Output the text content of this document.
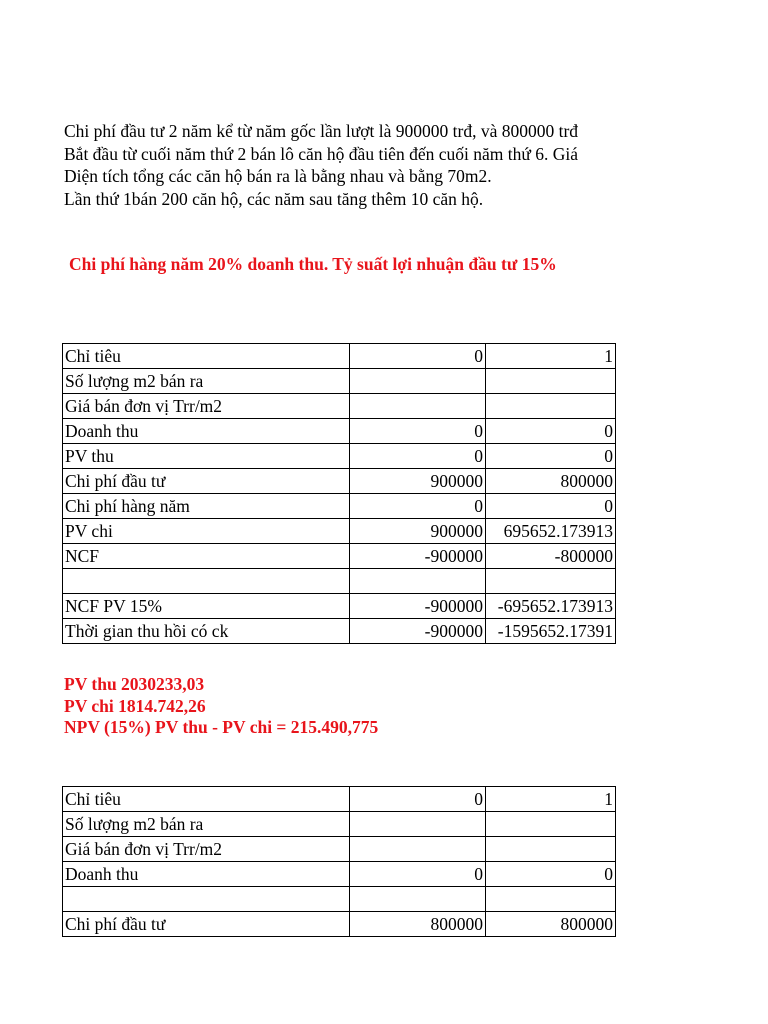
Chi phí đầu tư 2 năm kể từ năm gốc lần lượt là 900000 trđ, và 800000 trđ
Bắt đầu từ cuối năm thứ 2 bán lô căn hộ đầu tiên đến cuối năm thứ 6. Giá
Diện tích tổng các căn hộ bán ra là bằng nhau và bằng 70m2.
Lần thứ 1bán 200 căn hộ, các năm sau tăng thêm 10 căn hộ.
Chi phí hàng năm 20% doanh thu. Tỷ suất lợi nhuận đầu tư 15%
Chỉ tiêu	0	1
Số lượng m2 bán ra		
Giá bán đơn vị Trr/m2		
Doanh thu	0	0
PV thu	0	0
Chi phí đầu tư	900000	800000
Chi phí hàng năm	0	0
PV chi	900000	695652.173913
NCF	-900000	-800000

NCF PV 15%	-900000	-695652.173913
Thời gian thu hồi có ck	-900000	-1595652.17391
PV thu 2030233,03
PV chi 1814.742,26
NPV (15%) PV thu - PV chi = 215.490,775
Chỉ tiêu	0	1
Số lượng m2 bán ra		
Giá bán đơn vị Trr/m2		
Doanh thu	0	0

Chi phí đầu tư	800000	800000
